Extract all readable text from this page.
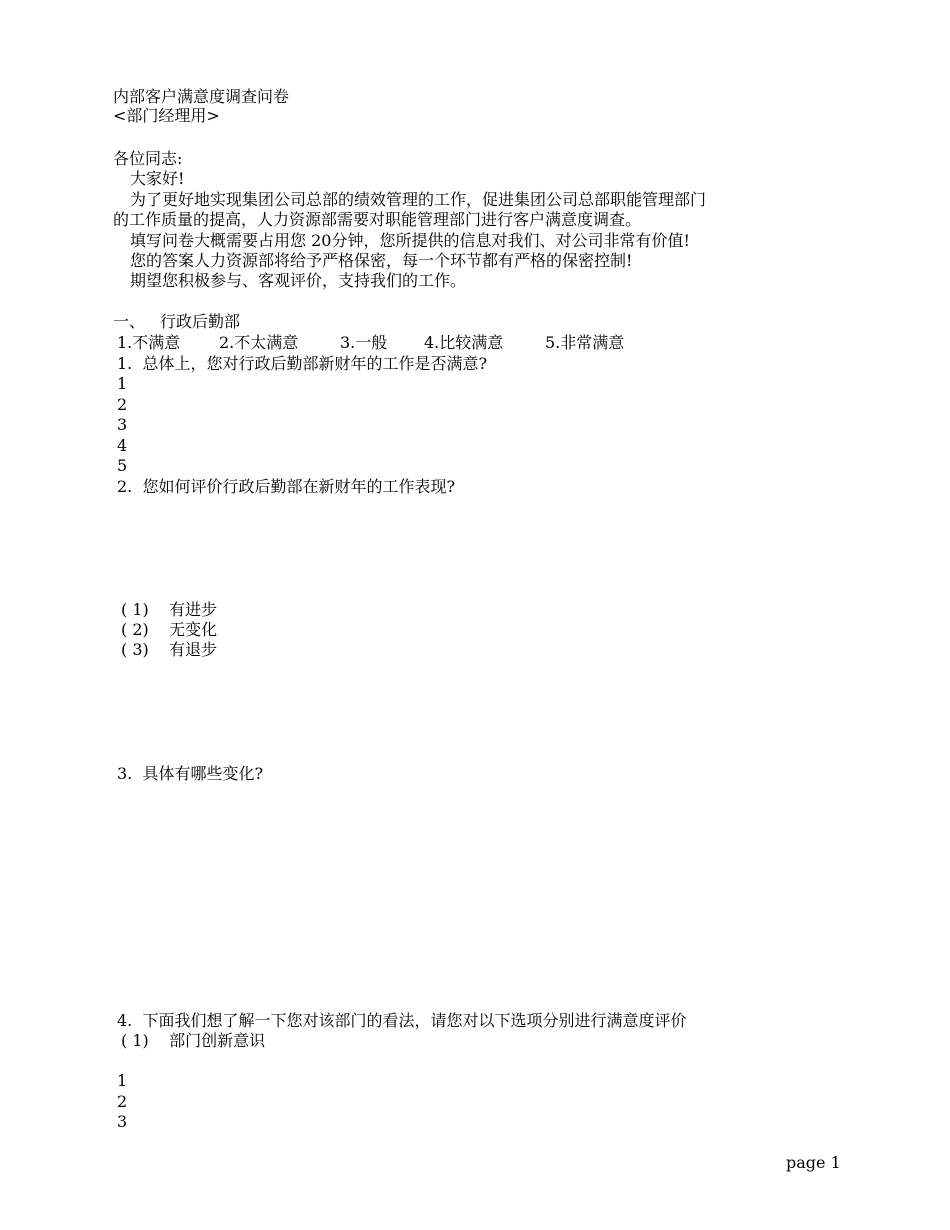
内部客户满意度调查问卷
<部门经理用>
各位同志:
大家好!
为了更好地实现集团公司总部的绩效管理的工作，促进集团公司总部职能管理部门
的工作质量的提高，人力资源部需要对职能管理部门进行客户满意度调查。
填写问卷大概需要占用您 20分钟，您所提供的信息对我们、对公司非常有价值!
您的答案人力资源部将给予严格保密，每一个环节都有严格的保密控制!
期望您积极参与、客观评价，支持我们的工作。
一、 行政后勤部
1.不满意 2.不太满意	3.一般 4.比较满意	5.非常满意
1.  总体上，您对行政后勤部新财年的工作是否满意?
1
2
3
4
5
2.  您如何评价行政后勤部在新财年的工作表现?
( 1)    有进步
( 2)    无变化
( 3)    有退步
3.  具体有哪些变化?
4.  下面我们想了解一下您对该部门的看法，请您对以下选项分别进行满意度评价
( 1)    部门创新意识
1
2
3
page 1
